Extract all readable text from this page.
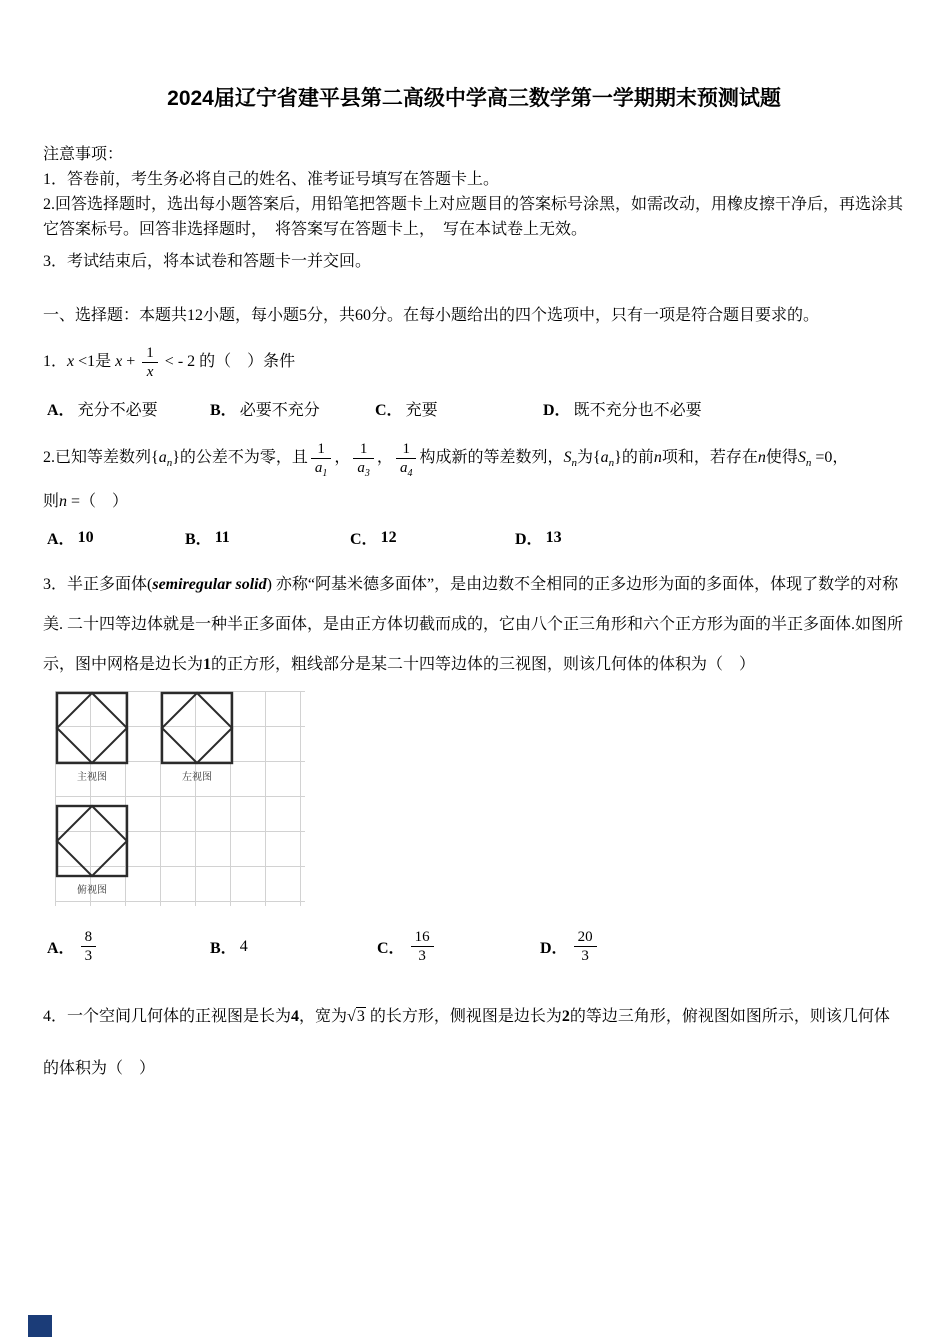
2024届辽宁省建平县第二高级中学高三数学第一学期期末预测试题
注意事项：
1．答卷前，考生务必将自己的姓名、准考证号填写在答题卡上。
2.回答选择题时，选出每小题答案后，用铅笔把答题卡上对应题目的答案标号涂黑，如需改动，用橡皮擦干净后，再选涂其它答案标号。回答非选择题时，　将答案写在答题卡上，　写在本试卷上无效。
3．考试结束后，将本试卷和答题卡一并交回。
一、选择题：本题共12小题，每小题5分，共60分。在每小题给出的四个选项中，只有一项是符合题目要求的。
1．x <1是 $x + \frac{1}{x}$ < - 2 的（　）条件
A． 充分不必要	B． 必要不充分	C． 充要	D． 既不充分也不必要
2.已知等差数列$\{a_n\}$的公差不为零，且 $\frac{1}{a_1}$ ， $\frac{1}{a_3}$ ， $\frac{1}{a_4}$ 构成新的等差数列，$S_n$为$\{a_n\}$的前n项和，若存在n使得$S_n =0$，
则n =（　）
A． 10	B． 11	C． 12	D． 13
3．半正多面体(semiregular solid) 亦称“阿基米德多面体”，是由边数不全相同的正多边形为面的多面体，体现了数学的对称美. 二十四等边体就是一种半正多面体，是由正方体切截而成的，它由八个正三角形和六个正方形为面的半正多面体.如图所示，图中网格是边长为1的正方形，粗线部分是某二十四等边体的三视图，则该几何体的体积为（　）
主视图	左视图
俯视图
A． $\frac{8}{3}$	B． 4	C． $\frac{16}{3}$	D． $\frac{20}{3}$
4．一个空间几何体的正视图是长为4，宽为√3 的长方形，侧视图是边长为2的等边三角形，俯视图如图所示，则该几何体的体积为（　）
